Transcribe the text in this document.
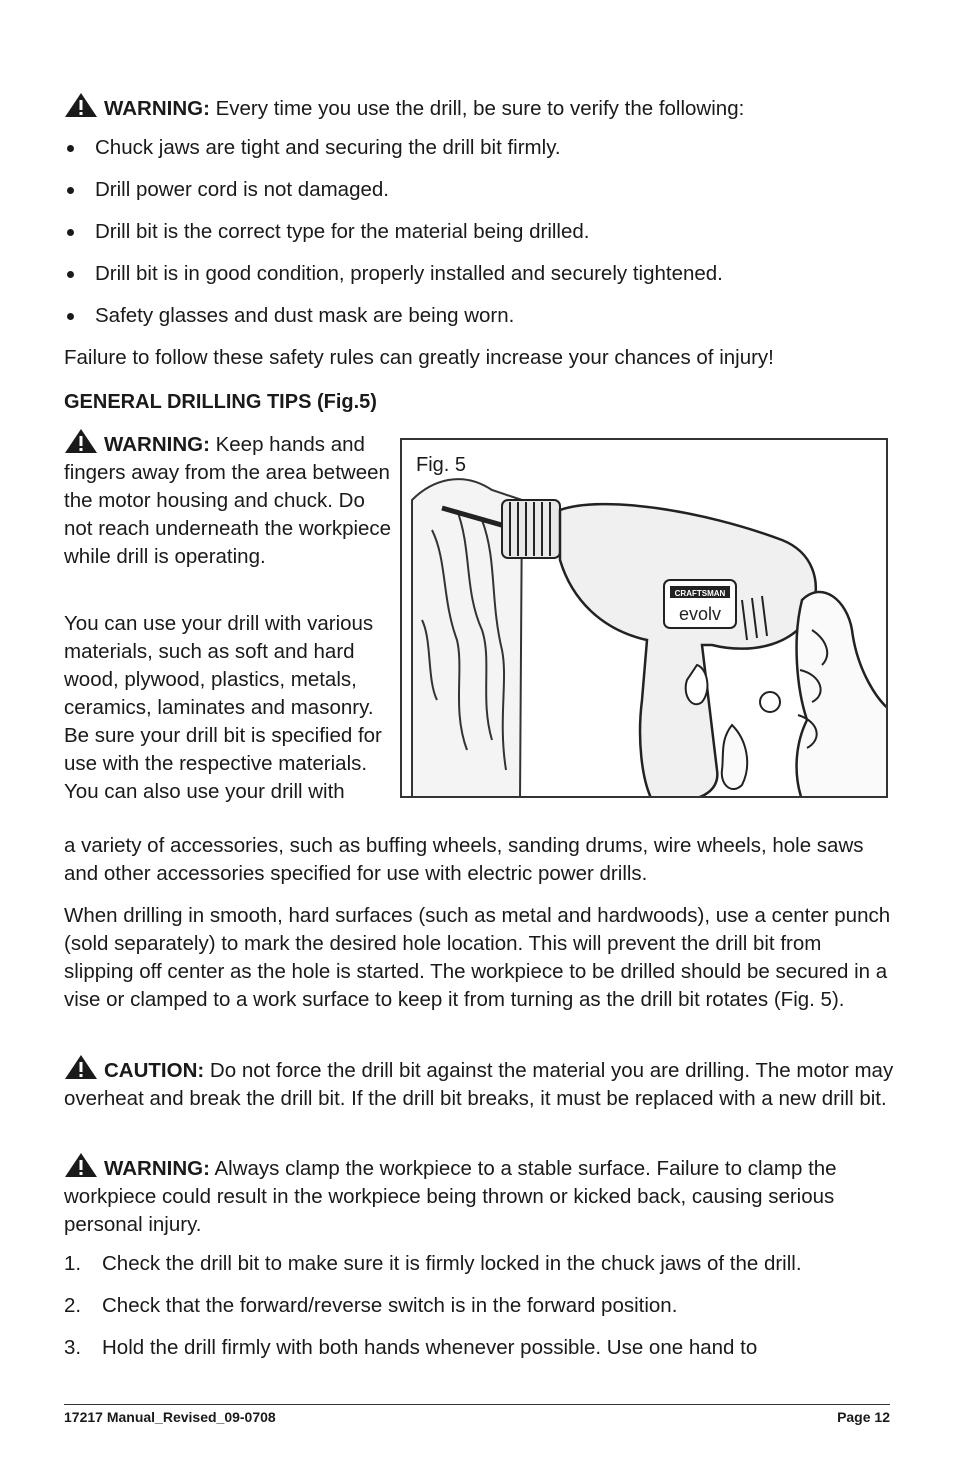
WARNING: Every time you use the drill, be sure to verify the following:

Chuck jaws are tight and securing the drill bit firmly.
Drill power cord is not damaged.
Drill bit is the correct type for the material being drilled.
Drill bit is in good condition, properly installed and securely tightened.
Safety glasses and dust mask are being worn.

Failure to follow these safety rules can greatly increase your chances of injury!

GENERAL DRILLING TIPS (Fig.5)

WARNING: Keep hands and fingers away from the area between the motor housing and chuck. Do not reach underneath the workpiece while drill is operating.

You can use your drill with various materials, such as soft and hard wood, plywood, plastics, metals, ceramics, laminates and masonry. Be sure your drill bit is specified for use with the respective materials. You can also use your drill with

a variety of accessories, such as buffing wheels, sanding drums, wire wheels, hole saws and other accessories specified for use with electric power drills.

When drilling in smooth, hard surfaces (such as metal and hardwoods), use a center punch (sold separately) to mark the desired hole location. This will prevent the drill bit from slipping off center as the hole is started. The workpiece to be drilled should be secured in a vise or clamped to a work surface to keep it from turning as the drill bit rotates (Fig. 5).

CAUTION: Do not force the drill bit against the material you are drilling. The motor may overheat and break the drill bit. If the drill bit breaks, it must be replaced with a new drill bit.

WARNING: Always clamp the workpiece to a stable surface. Failure to clamp the workpiece could result in the workpiece being thrown or kicked back, causing serious personal injury.

1. Check the drill bit to make sure it is firmly locked in the chuck jaws of the drill.
2. Check that the forward/reverse switch is in the forward position.
3. Hold the drill firmly with both hands whenever possible. Use one hand to
CRAFTSMAN
evolv
Fig. 5
17217 Manual_Revised_09-0708	Page 12
